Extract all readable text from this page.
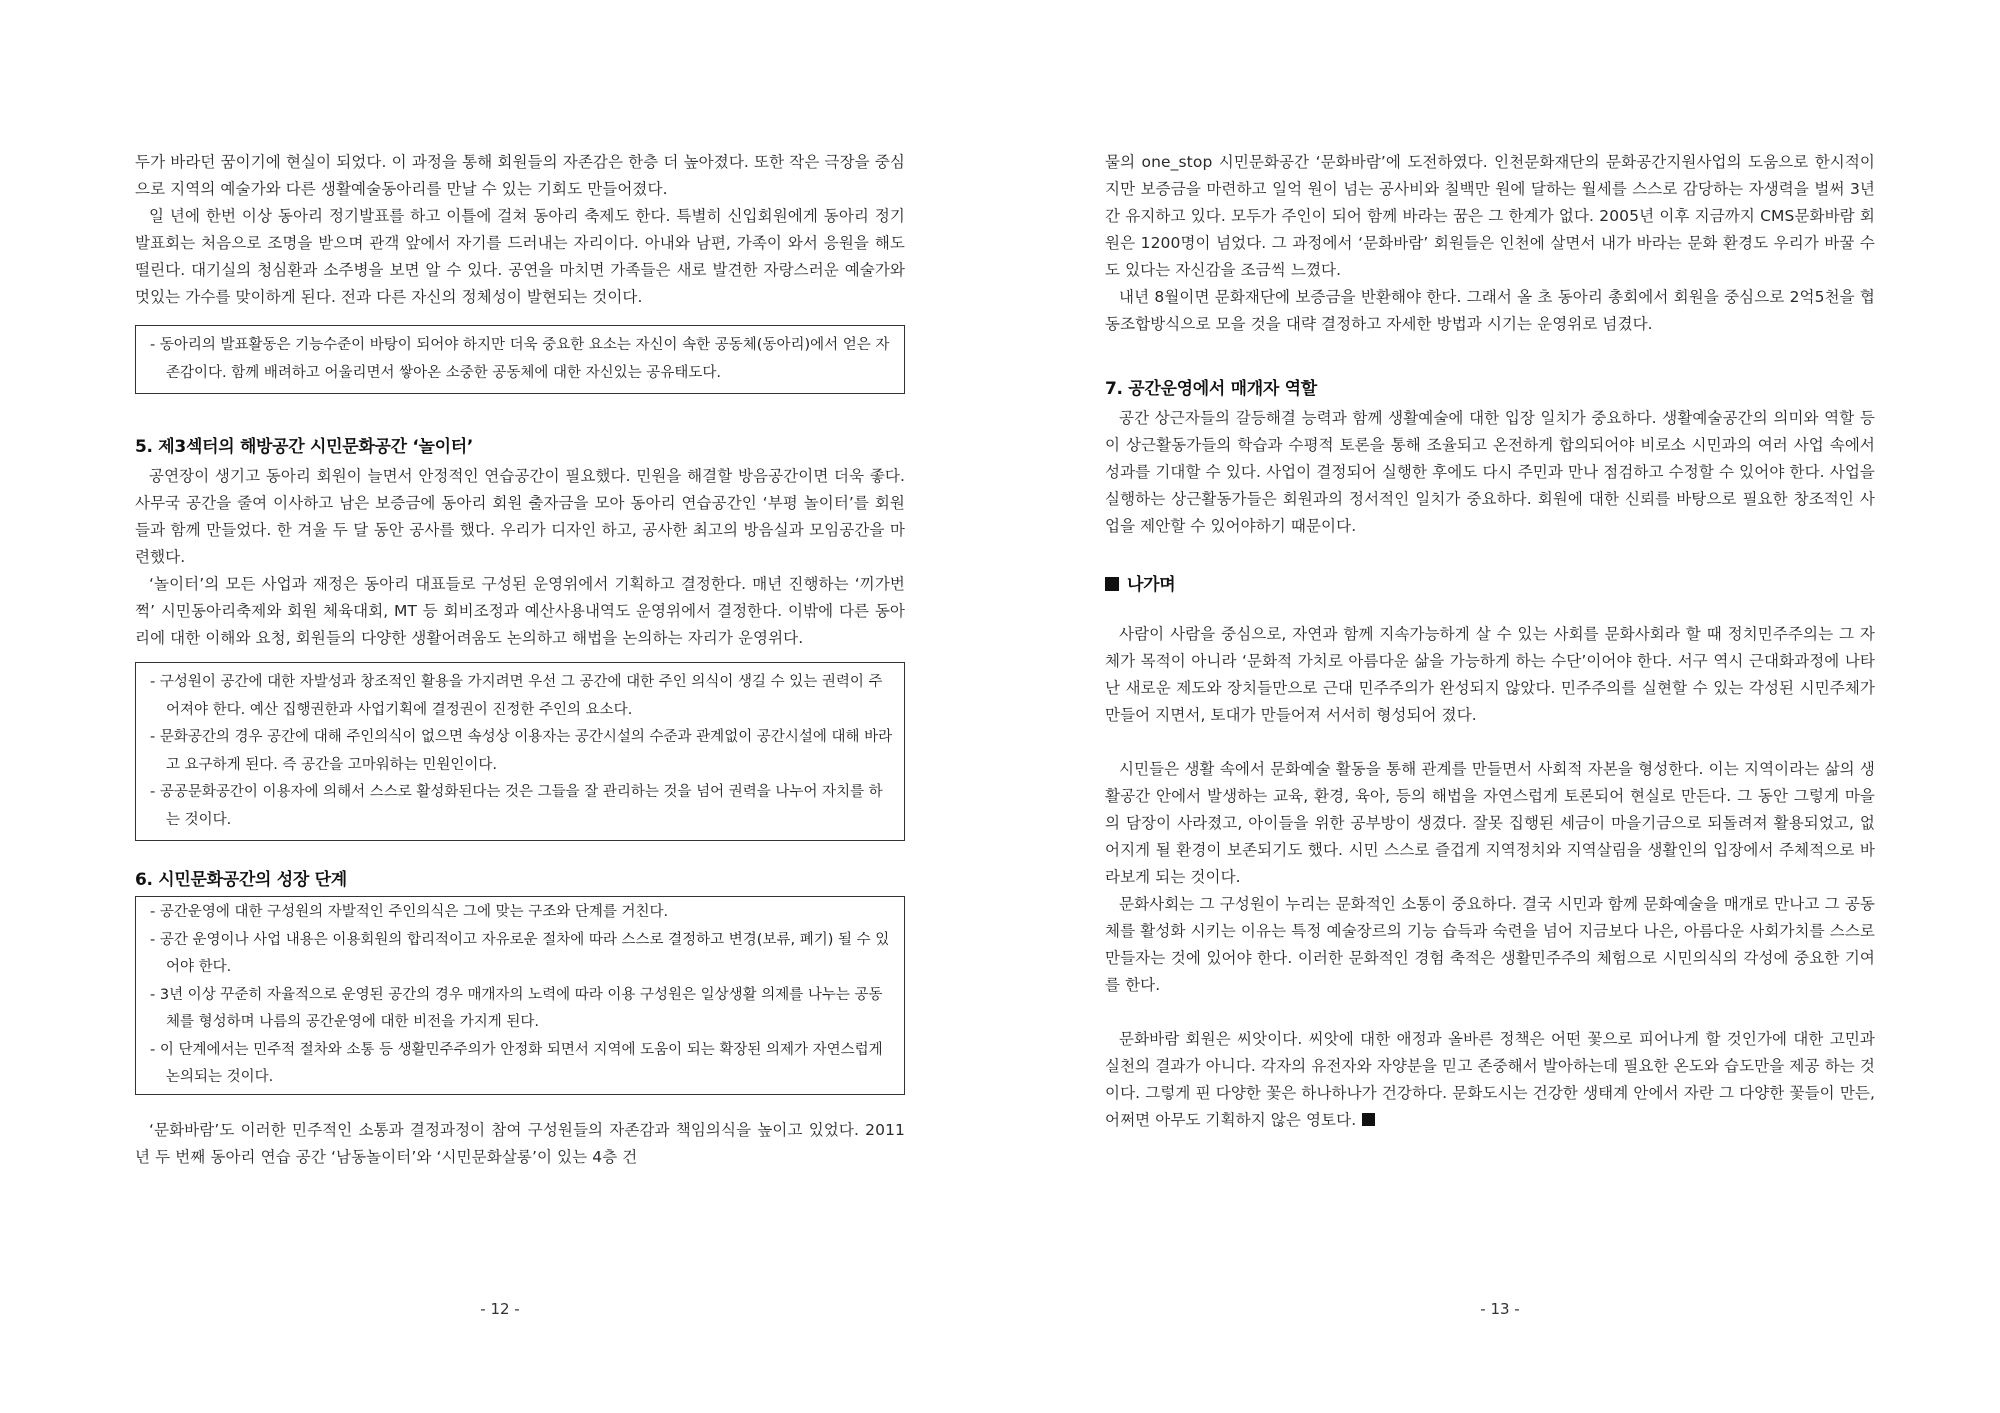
두가 바라던 꿈이기에 현실이 되었다. 이 과정을 통해 회원들의 자존감은 한층 더 높아졌다. 또한 작은 극장을 중심으로 지역의 예술가와 다른 생활예술동아리를 만날 수 있는 기회도 만들어졌다.

일 년에 한번 이상 동아리 정기발표를 하고 이틀에 걸쳐 동아리 축제도 한다. 특별히 신입회원에게 동아리 정기발표회는 처음으로 조명을 받으며 관객 앞에서 자기를 드러내는 자리이다. 아내와 남편, 가족이 와서 응원을 해도 떨린다. 대기실의 청심환과 소주병을 보면 알 수 있다. 공연을 마치면 가족들은 새로 발견한 자랑스러운 예술가와 멋있는 가수를 맞이하게 된다. 전과 다른 자신의 정체성이 발현되는 것이다.

- 동아리의 발표활동은 기능수준이 바탕이 되어야 하지만 더욱 중요한 요소는 자신이 속한 공동체(동아리)에서 얻은 자존감이다. 함께 배려하고 어울리면서 쌓아온 소중한 공동체에 대한 자신있는 공유태도다.

5. 제3섹터의 해방공간 시민문화공간 ‘놀이터’

공연장이 생기고 동아리 회원이 늘면서 안정적인 연습공간이 필요했다. 민원을 해결할 방음공간이면 더욱 좋다. 사무국 공간을 줄여 이사하고 남은 보증금에 동아리 회원 출자금을 모아 동아리 연습공간인 ‘부평 놀이터’를 회원들과 함께 만들었다. 한 겨울 두 달 동안 공사를 했다. 우리가 디자인 하고, 공사한 최고의 방음실과 모임공간을 마련했다.

‘놀이터’의 모든 사업과 재정은 동아리 대표들로 구성된 운영위에서 기획하고 결정한다. 매년 진행하는 ‘끼가번쩍’ 시민동아리축제와 회원 체육대회, MT 등 회비조정과 예산사용내역도 운영위에서 결정한다. 이밖에 다른 동아리에 대한 이해와 요청, 회원들의 다양한 생활어려움도 논의하고 해법을 논의하는 자리가 운영위다.

- 구성원이 공간에 대한 자발성과 창조적인 활용을 가지려면 우선 그 공간에 대한 주인 의식이 생길 수 있는 권력이 주어져야 한다. 예산 집행권한과 사업기획에 결정권이 진정한 주인의 요소다.

- 문화공간의 경우 공간에 대해 주인의식이 없으면 속성상 이용자는 공간시설의 수준과 관계없이 공간시설에 대해 바라고 요구하게 된다. 즉 공간을 고마워하는 민원인이다.

- 공공문화공간이 이용자에 의해서 스스로 활성화된다는 것은 그들을 잘 관리하는 것을 넘어 권력을 나누어 자치를 하는 것이다.

6. 시민문화공간의 성장 단계

- 공간운영에 대한 구성원의 자발적인 주인의식은 그에 맞는 구조와 단계를 거친다.

- 공간 운영이나 사업 내용은 이용회원의 합리적이고 자유로운 절차에 따라 스스로 결정하고 변경(보류, 폐기) 될 수 있어야 한다.

- 3년 이상 꾸준히 자율적으로 운영된 공간의 경우 매개자의 노력에 따라 이용 구성원은 일상생활 의제를 나누는 공동체를 형성하며 나름의 공간운영에 대한 비전을 가지게 된다.

- 이 단계에서는 민주적 절차와 소통 등 생활민주주의가 안정화 되면서 지역에 도움이 되는 확장된 의제가 자연스럽게 논의되는 것이다.

‘문화바람’도 이러한 민주적인 소통과 결정과정이 참여 구성원들의 자존감과 책임의식을 높이고 있었다. 2011년 두 번째 동아리 연습 공간 ‘남동놀이터’와 ‘시민문화살롱’이 있는 4층 건

- 12 -

물의 one_stop 시민문화공간 ‘문화바람’에 도전하였다. 인천문화재단의 문화공간지원사업의 도움으로 한시적이지만 보증금을 마련하고 일억 원이 넘는 공사비와 칠백만 원에 달하는 월세를 스스로 감당하는 자생력을 벌써 3년간 유지하고 있다. 모두가 주인이 되어 함께 바라는 꿈은 그 한계가 없다. 2005년 이후 지금까지 CMS문화바람 회원은 1200명이 넘었다. 그 과정에서 ‘문화바람’ 회원들은 인천에 살면서 내가 바라는 문화 환경도 우리가 바꿀 수도 있다는 자신감을 조금씩 느꼈다.

내년 8월이면 문화재단에 보증금을 반환해야 한다. 그래서 올 초 동아리 총회에서 회원을 중심으로 2억5천을 협동조합방식으로 모을 것을 대략 결정하고 자세한 방법과 시기는 운영위로 넘겼다.

7. 공간운영에서 매개자 역할

공간 상근자들의 갈등해결 능력과 함께 생활예술에 대한 입장 일치가 중요하다. 생활예술공간의 의미와 역할 등이 상근활동가들의 학습과 수평적 토론을 통해 조율되고 온전하게 합의되어야 비로소 시민과의 여러 사업 속에서 성과를 기대할 수 있다. 사업이 결정되어 실행한 후에도 다시 주민과 만나 점검하고 수정할 수 있어야 한다. 사업을 실행하는 상근활동가들은 회원과의 정서적인 일치가 중요하다. 회원에 대한 신뢰를 바탕으로 필요한 창조적인 사업을 제안할 수 있어야하기 때문이다.

나가며

사람이 사람을 중심으로, 자연과 함께 지속가능하게 살 수 있는 사회를 문화사회라 할 때 정치민주주의는 그 자체가 목적이 아니라 ‘문화적 가치로 아름다운 삶을 가능하게 하는 수단’이어야 한다. 서구 역시 근대화과정에 나타난 새로운 제도와 장치들만으로 근대 민주주의가 완성되지 않았다. 민주주의를 실현할 수 있는 각성된 시민주체가 만들어 지면서, 토대가 만들어져 서서히 형성되어 졌다.

시민들은 생활 속에서 문화예술 활동을 통해 관계를 만들면서 사회적 자본을 형성한다. 이는 지역이라는 삶의 생활공간 안에서 발생하는 교육, 환경, 육아, 등의 해법을 자연스럽게 토론되어 현실로 만든다. 그 동안 그렇게 마을의 담장이 사라졌고, 아이들을 위한 공부방이 생겼다. 잘못 집행된 세금이 마을기금으로 되돌려져 활용되었고, 없어지게 될 환경이 보존되기도 했다. 시민 스스로 즐겁게 지역정치와 지역살림을 생활인의 입장에서 주체적으로 바라보게 되는 것이다.

문화사회는 그 구성원이 누리는 문화적인 소통이 중요하다. 결국 시민과 함께 문화예술을 매개로 만나고 그 공동체를 활성화 시키는 이유는 특정 예술장르의 기능 습득과 숙련을 넘어 지금보다 나은, 아름다운 사회가치를 스스로 만들자는 것에 있어야 한다. 이러한 문화적인 경험 축적은 생활민주주의 체험으로 시민의식의 각성에 중요한 기여를 한다.

문화바람 회원은 씨앗이다. 씨앗에 대한 애정과 올바른 정책은 어떤 꽃으로 피어나게 할 것인가에 대한 고민과 실천의 결과가 아니다. 각자의 유전자와 자양분을 믿고 존중해서 발아하는데 필요한 온도와 습도만을 제공 하는 것이다. 그렇게 핀 다양한 꽃은 하나하나가 건강하다. 문화도시는 건강한 생태계 안에서 자란 그 다양한 꽃들이 만든, 어쩌면 아무도 기획하지 않은 영토다.

- 13 -
